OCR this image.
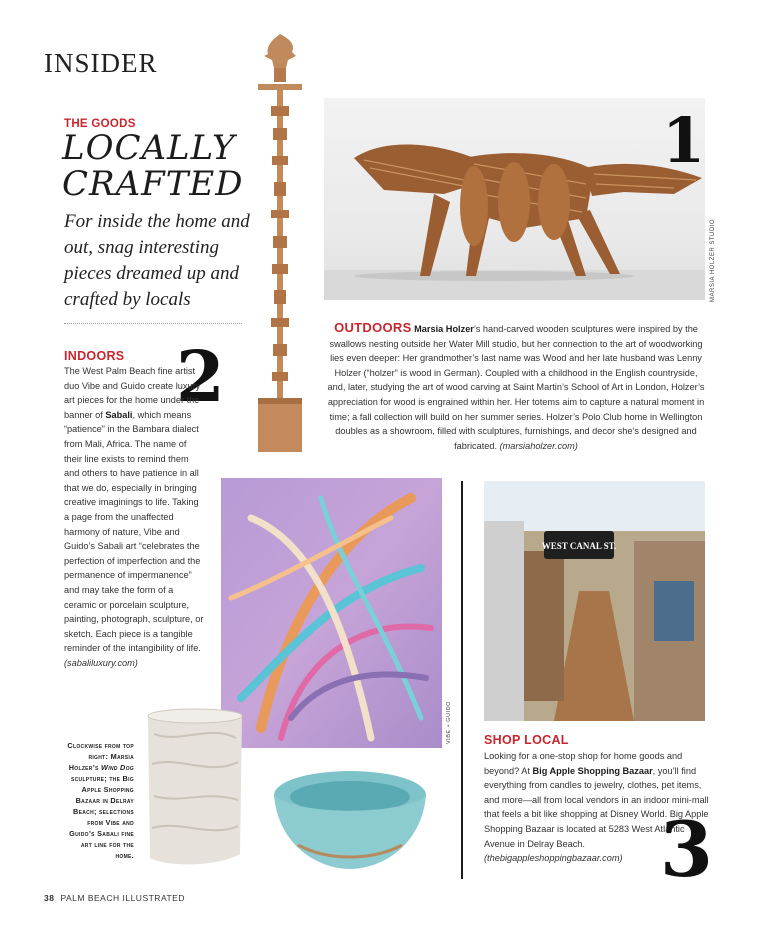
INSIDER
THE GOODS
LOCALLY CRAFTED
For inside the home and out, snag interesting pieces dreamed up and crafted by locals
1
MARSIA HOLZER STUDIO
OUTDOORS Marsia Holzer’s hand-carved wooden sculptures were inspired by the swallows nesting outside her Water Mill studio, but her connection to the art of woodworking lies even deeper: Her grandmother’s last name was Wood and her late husband was Lenny Holzer (“holzer” is wood in German). Coupled with a childhood in the English countryside, and, later, studying the art of wood carving at Saint Martin’s School of Art in London, Holzer’s appreciation for wood is engrained within her. Her totems aim to capture a natural moment in time; a fall collection will build on her summer series. Holzer’s Polo Club home in Wellington doubles as a showroom, filled with sculptures, furnishings, and decor she’s designed and fabricated. (marsiaholzer.com)
INDOORS 2
The West Palm Beach fine artist duo Vibe and Guido create luxury art pieces for the home under the banner of Sabali, which means “patience” in the Bambara dialect from Mali, Africa. The name of their line exists to remind them and others to have patience in all that we do, especially in bringing creative imaginings to life. Taking a page from the unaffected harmony of nature, Vibe and Guido’s Sabali art “celebrates the perfection of imperfection and the permanence of impermanence” and may take the form of a ceramic or porcelain sculpture, painting, photograph, sculpture, or sketch. Each piece is a tangible reminder of the intangibility of life. (sabaliluxury.com)
VIBE + GUIDO
WEST CANAL ST.
SHOP LOCAL
Looking for a one-stop shop for home goods and beyond? At Big Apple Shopping Bazaar, you’ll find everything from candles to jewelry, clothes, pet items, and more—all from local vendors in an indoor mini-mall that feels a bit like shopping at Disney World. Big Apple Shopping Bazaar is located at 5283 West Atlantic Avenue in Delray Beach. (thebigappleshoppingbazaar.com) 3
Clockwise from top right: Marsia Holzer’s Wind Dog sculpture; the Big Apple Shopping Bazaar in Delray Beach; selections from Vibe and Guido’s Sabali fine art line for the home.
38 PALM BEACH ILLUSTRATED
